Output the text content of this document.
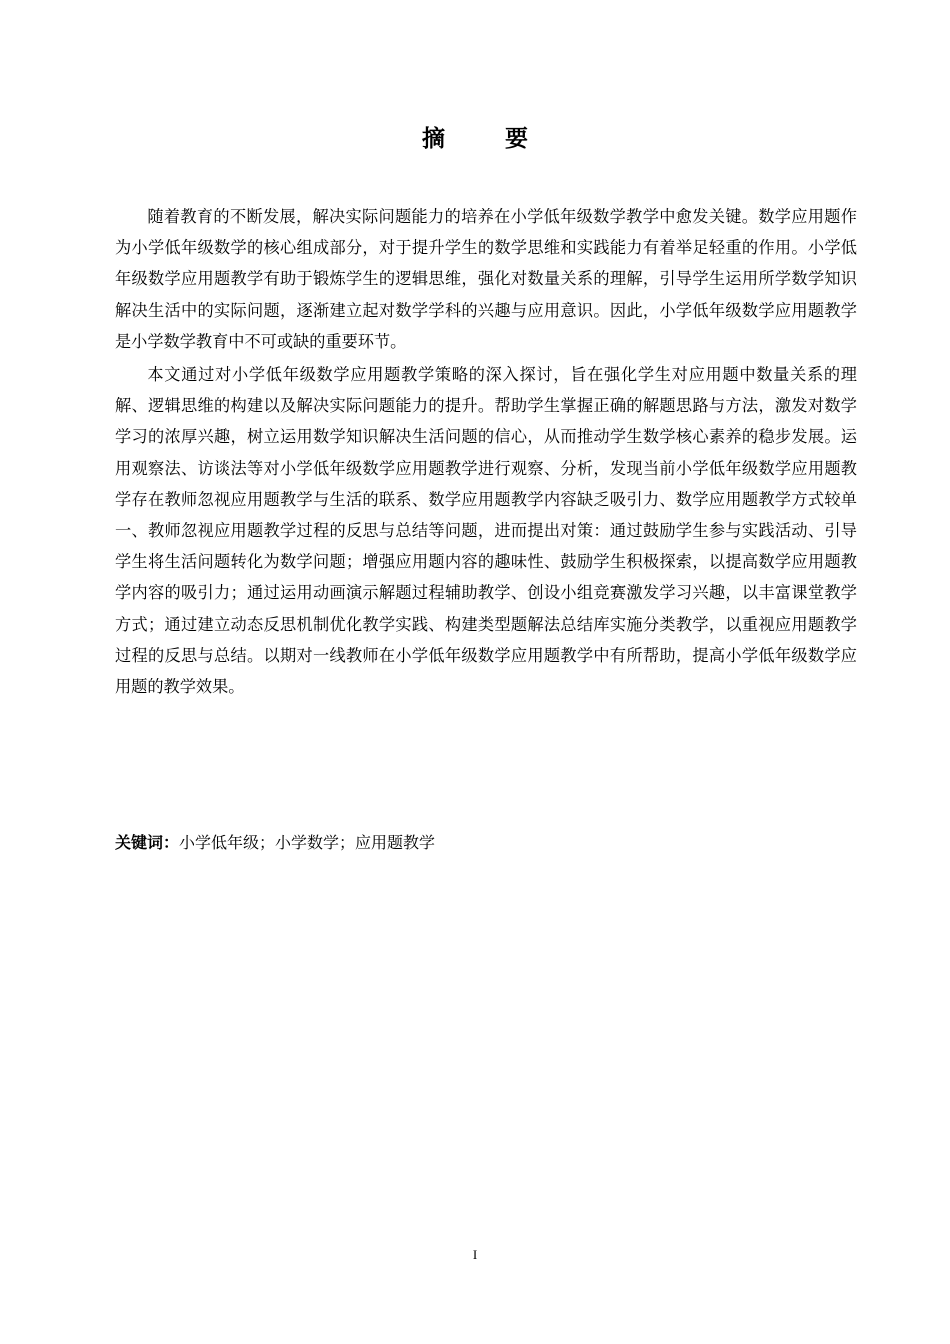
摘 要

随着教育的不断发展，解决实际问题能力的培养在小学低年级数学教学中愈发关键。数学应用题作为小学低年级数学的核心组成部分，对于提升学生的数学思维和实践能力有着举足轻重的作用。小学低年级数学应用题教学有助于锻炼学生的逻辑思维，强化对数量关系的理解，引导学生运用所学数学知识解决生活中的实际问题，逐渐建立起对数学学科的兴趣与应用意识。因此，小学低年级数学应用题教学是小学数学教育中不可或缺的重要环节。

本文通过对小学低年级数学应用题教学策略的深入探讨，旨在强化学生对应用题中数量关系的理解、逻辑思维的构建以及解决实际问题能力的提升。帮助学生掌握正确的解题思路与方法，激发对数学学习的浓厚兴趣，树立运用数学知识解决生活问题的信心，从而推动学生数学核心素养的稳步发展。运用观察法、访谈法等对小学低年级数学应用题教学进行观察、分析，发现当前小学低年级数学应用题教学存在教师忽视应用题教学与生活的联系、数学应用题教学内容缺乏吸引力、数学应用题教学方式较单一、教师忽视应用题教学过程的反思与总结等问题，进而提出对策：通过鼓励学生参与实践活动、引导学生将生活问题转化为数学问题；增强应用题内容的趣味性、鼓励学生积极探索，以提高数学应用题教学内容的吸引力；通过运用动画演示解题过程辅助教学、创设小组竞赛激发学习兴趣，以丰富课堂教学方式；通过建立动态反思机制优化教学实践、构建类型题解法总结库实施分类教学，以重视应用题教学过程的反思与总结。以期对一线教师在小学低年级数学应用题教学中有所帮助，提高小学低年级数学应用题的教学效果。

关键词：小学低年级；小学数学；应用题教学
I
